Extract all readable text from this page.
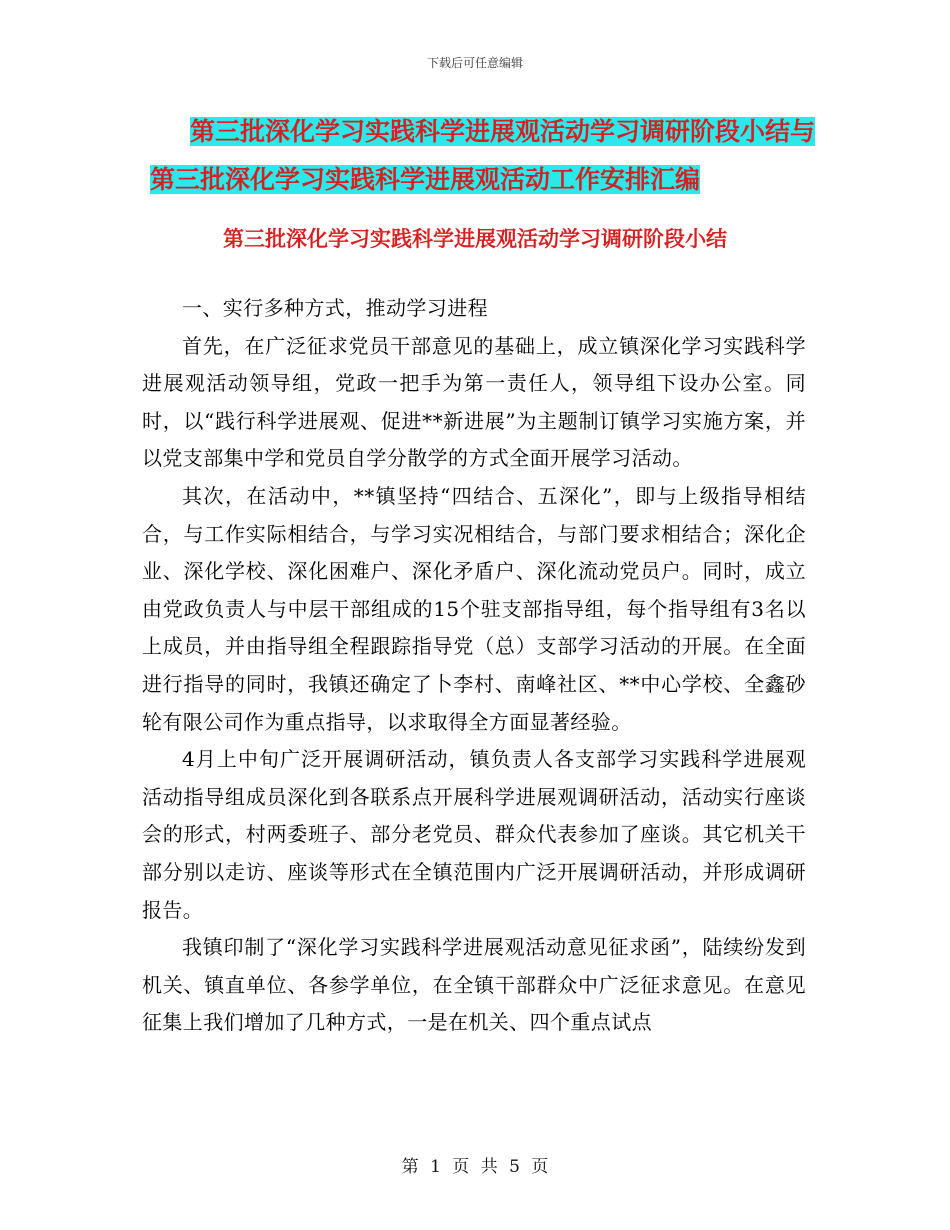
下载后可任意编辑
第三批深化学习实践科学进展观活动学习调研阶段小结与第三批深化学习实践科学进展观活动工作安排汇编
第三批深化学习实践科学进展观活动学习调研阶段小结

一、实行多种方式，推动学习进程

首先，在广泛征求党员干部意见的基础上，成立镇深化学习实践科学进展观活动领导组，党政一把手为第一责任人，领导组下设办公室。同时，以“践行科学进展观、促进**新进展”为主题制订镇学习实施方案，并以党支部集中学和党员自学分散学的方式全面开展学习活动。

其次，在活动中，**镇坚持“四结合、五深化”，即与上级指导相结合，与工作实际相结合，与学习实况相结合，与部门要求相结合；深化企业、深化学校、深化困难户、深化矛盾户、深化流动党员户。同时，成立由党政负责人与中层干部组成的15个驻支部指导组，每个指导组有3名以上成员，并由指导组全程跟踪指导党（总）支部学习活动的开展。在全面进行指导的同时，我镇还确定了卜李村、南峰社区、**中心学校、全鑫砂轮有限公司作为重点指导，以求取得全方面显著经验。

4月上中旬广泛开展调研活动，镇负责人各支部学习实践科学进展观活动指导组成员深化到各联系点开展科学进展观调研活动，活动实行座谈会的形式，村两委班子、部分老党员、群众代表参加了座谈。其它机关干部分别以走访、座谈等形式在全镇范围内广泛开展调研活动，并形成调研报告。

我镇印制了“深化学习实践科学进展观活动意见征求函”，陆续纷发到机关、镇直单位、各参学单位，在全镇干部群众中广泛征求意见。在意见征集上我们增加了几种方式，一是在机关、四个重点试点

第 1 页 共 5 页
